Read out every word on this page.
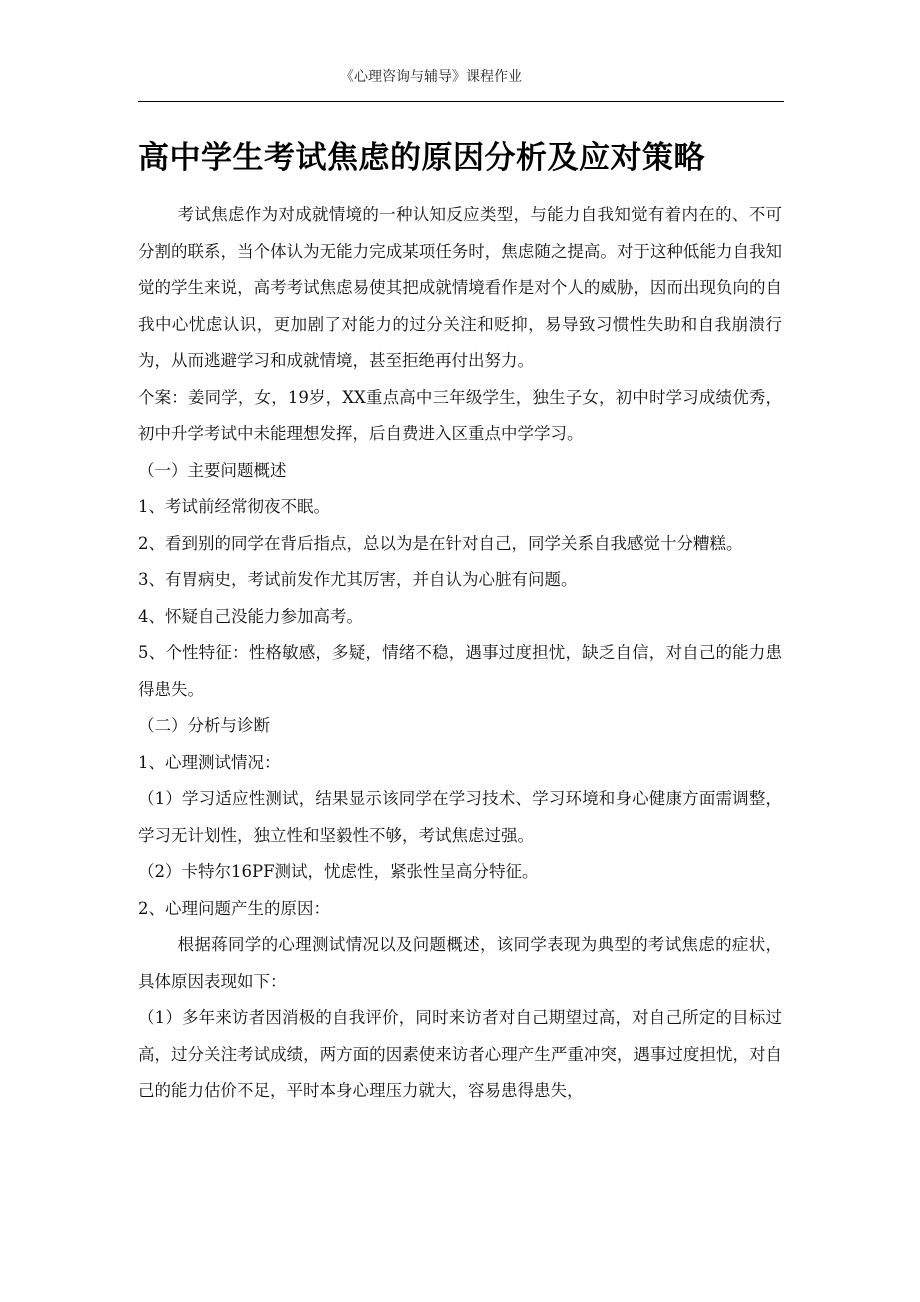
《心理咨询与辅导》课程作业
高中学生考试焦虑的原因分析及应对策略

考试焦虑作为对成就情境的一种认知反应类型，与能力自我知觉有着内在的、不可分割的联系，当个体认为无能力完成某项任务时，焦虑随之提高。对于这种低能力自我知觉的学生来说，高考考试焦虑易使其把成就情境看作是对个人的威胁，因而出现负向的自我中心忧虑认识，更加剧了对能力的过分关注和贬抑，易导致习惯性失助和自我崩溃行为，从而逃避学习和成就情境，甚至拒绝再付出努力。

个案：姜同学，女，19岁，XX重点高中三年级学生，独生子女，初中时学习成绩优秀，初中升学考试中未能理想发挥，后自费进入区重点中学学习。

（一）主要问题概述

1、考试前经常彻夜不眠。

2、看到别的同学在背后指点，总以为是在针对自己，同学关系自我感觉十分糟糕。

3、有胃病史，考试前发作尤其厉害，并自认为心脏有问题。

4、怀疑自己没能力参加高考。

5、个性特征：性格敏感，多疑，情绪不稳，遇事过度担忧，缺乏自信，对自己的能力患得患失。

（二）分析与诊断

1、心理测试情况：

（1）学习适应性测试，结果显示该同学在学习技术、学习环境和身心健康方面需调整，学习无计划性，独立性和坚毅性不够，考试焦虑过强。

（2）卡特尔16PF测试，忧虑性，紧张性呈高分特征。

2、心理问题产生的原因：

根据蒋同学的心理测试情况以及问题概述，该同学表现为典型的考试焦虑的症状，具体原因表现如下：

（1）多年来访者因消极的自我评价，同时来访者对自己期望过高，对自己所定的目标过高，过分关注考试成绩，两方面的因素使来访者心理产生严重冲突，遇事过度担忧，对自己的能力估价不足，平时本身心理压力就大，容易患得患失，
